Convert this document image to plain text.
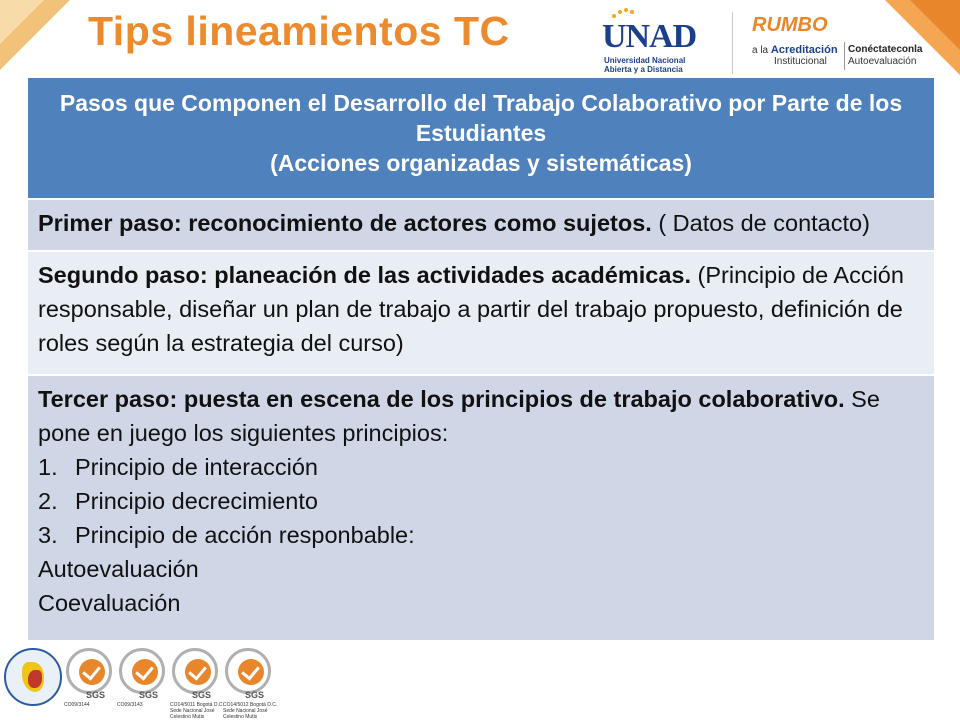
Tips lineamientos TC	UNAD
Universidad Nacional
Abierta y a Distancia
RUMBO
a la Acreditación
Institucional
Conéctateconla
Autoevaluación
Pasos que Componen el Desarrollo del Trabajo Colaborativo por Parte de los
Estudiantes
(Acciones organizadas y sistemáticas)
Primer paso: reconocimiento de actores como sujetos. ( Datos de contacto)
Segundo paso: planeación de las actividades académicas. (Principio de Acción responsable, diseñar un plan de trabajo a partir del trabajo propuesto, definición de roles según la estrategia del curso)
Tercer paso: puesta en escena de los principios de trabajo colaborativo. Se pone en juego los siguientes principios:
1. Principio de interacción
2. Principio decrecimiento
3. Principio de acción responbable:
Autoevaluación
Coevaluación
SGS
CO09/3144
SGS
CO09/3143
SGS
CO14/5011 Bogotá D.C. Sede Nacional José Celestino Mutis
SGS
CO14/5012 Bogotá D.C. Sede Nacional José Celestino Mutis
